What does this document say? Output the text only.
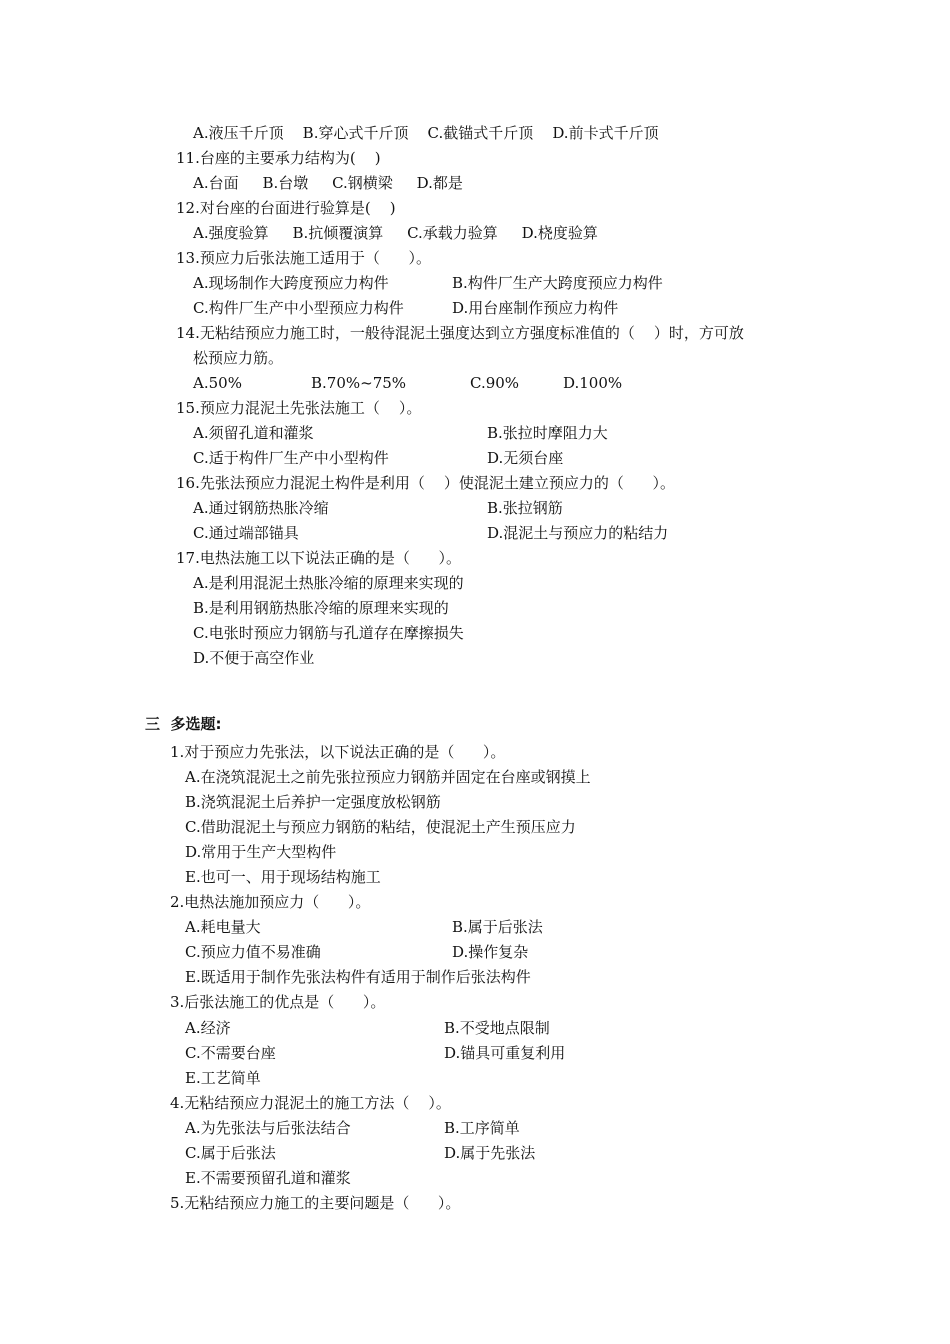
A.液压千斤顶    B.穿心式千斤顶    C.截锚式千斤顶    D.前卡式千斤顶
11.台座的主要承力结构为(    )
A.台面     B.台墩     C.钢横梁     D.都是
12.对台座的台面进行验算是(    )
A.强度验算     B.抗倾覆演算     C.承载力验算     D.桡度验算
13.预应力后张法施工适用于（      ）。
A.现场制作大跨度预应力构件	B.构件厂生产大跨度预应力构件
C.构件厂生产中小型预应力构件	D.用台座制作预应力构件
14.无粘结预应力施工时，一般待混泥土强度达到立方强度标准值的（    ）时，方可放
松预应力筋。
A.50%	B.70%~75%	C.90%	D.100%
15.预应力混泥土先张法施工（    ）。
A.须留孔道和灌浆	B.张拉时摩阻力大
C.适于构件厂生产中小型构件	D.无须台座
16.先张法预应力混泥土构件是利用（    ）使混泥土建立预应力的（      ）。
A.通过钢筋热胀冷缩	B.张拉钢筋
C.通过端部锚具	D.混泥土与预应力的粘结力
17.电热法施工以下说法正确的是（      ）。
A.是利用混泥土热胀冷缩的原理来实现的
B.是利用钢筋热胀冷缩的原理来实现的
C.电张时预应力钢筋与孔道存在摩擦损失
D.不便于高空作业
三  多选题:
1.对于预应力先张法，以下说法正确的是（      ）。
A.在浇筑混泥土之前先张拉预应力钢筋并固定在台座或钢摸上
B.浇筑混泥土后养护一定强度放松钢筋
C.借助混泥土与预应力钢筋的粘结，使混泥土产生预压应力
D.常用于生产大型构件
E.也可一、用于现场结构施工
2.电热法施加预应力（      ）。
A.耗电量大	B.属于后张法
C.预应力值不易准确	D.操作复杂
E.既适用于制作先张法构件有适用于制作后张法构件
3.后张法施工的优点是（      ）。
A.经济	B.不受地点限制
C.不需要台座	D.锚具可重复利用
E.工艺简单
4.无粘结预应力混泥土的施工方法（    ）。
A.为先张法与后张法结合	B.工序简单
C.属于后张法	D.属于先张法
E.不需要预留孔道和灌浆
5.无粘结预应力施工的主要问题是（      ）。
